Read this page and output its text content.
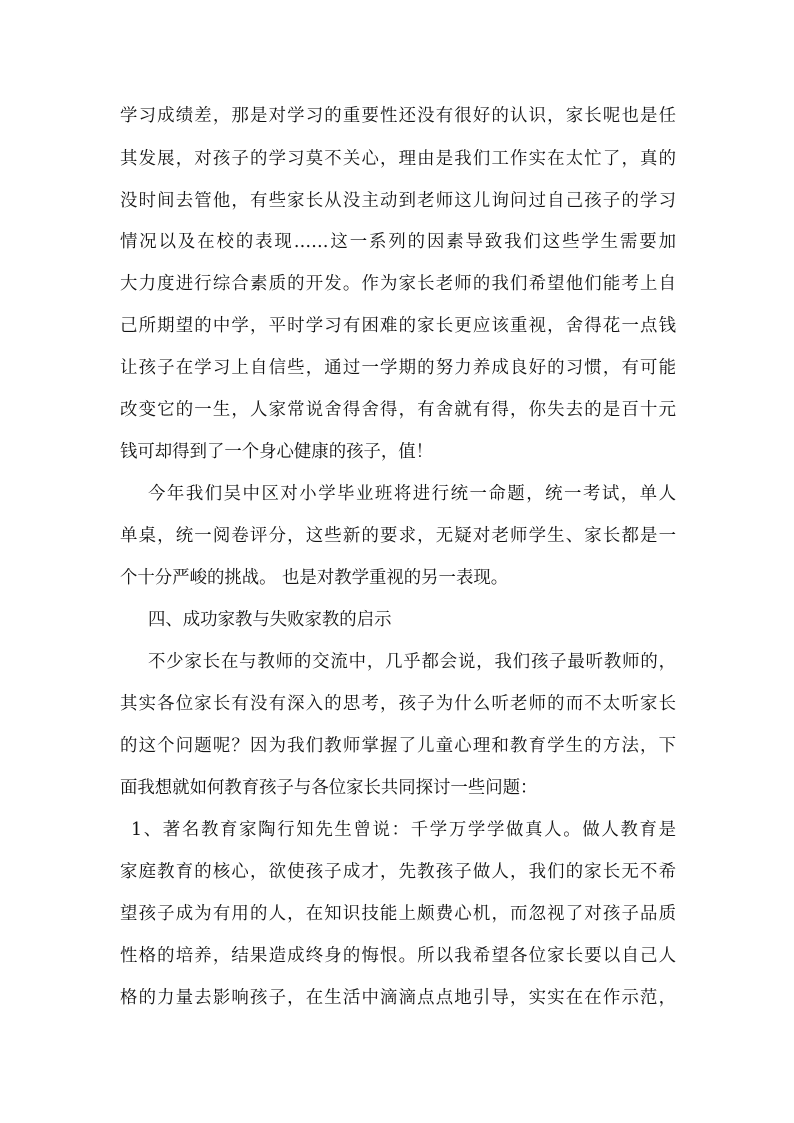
学习成绩差，那是对学习的重要性还没有很好的认识，家长呢也是任
其发展，对孩子的学习莫不关心，理由是我们工作实在太忙了，真的
没时间去管他，有些家长从没主动到老师这儿询问过自己孩子的学习
情况以及在校的表现……这一系列的因素导致我们这些学生需要加
大力度进行综合素质的开发。作为家长老师的我们希望他们能考上自
己所期望的中学，平时学习有困难的家长更应该重视，舍得花一点钱
让孩子在学习上自信些，通过一学期的努力养成良好的习惯，有可能
改变它的一生，人家常说舍得舍得，有舍就有得，你失去的是百十元
钱可却得到了一个身心健康的孩子，值！
今年我们吴中区对小学毕业班将进行统一命题，统一考试，单人
单桌，统一阅卷评分，这些新的要求，无疑对老师学生、家长都是一
个十分严峻的挑战。 也是对教学重视的另一表现。
四、成功家教与失败家教的启示
不少家长在与教师的交流中，几乎都会说，我们孩子最听教师的，
其实各位家长有没有深入的思考，孩子为什么听老师的而不太听家长
的这个问题呢？因为我们教师掌握了儿童心理和教育学生的方法，下
面我想就如何教育孩子与各位家长共同探讨一些问题：
1、著名教育家陶行知先生曾说：千学万学学做真人。做人教育是
家庭教育的核心，欲使孩子成才，先教孩子做人，我们的家长无不希
望孩子成为有用的人，在知识技能上颇费心机，而忽视了对孩子品质
性格的培养，结果造成终身的悔恨。所以我希望各位家长要以自己人
格的力量去影响孩子，在生活中滴滴点点地引导，实实在在作示范，
